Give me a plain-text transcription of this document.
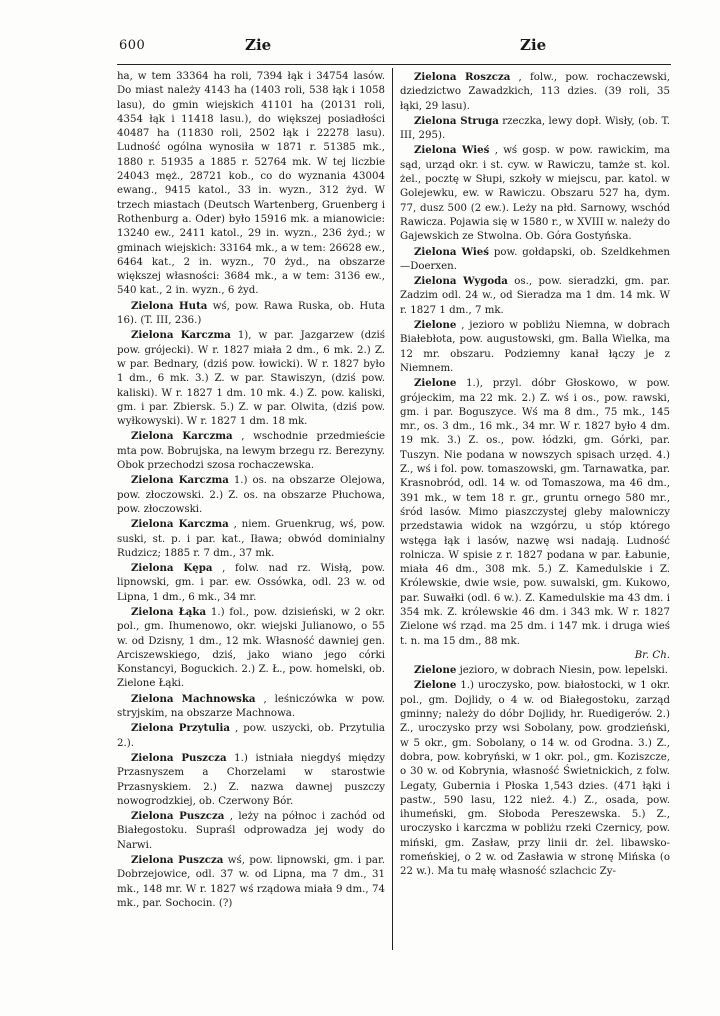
600	Zie	Zie

ha, w tem 33364 ha roli, 7394 łąk i 34754 lasów. Do miast należy 4143 ha (1403 roli, 538 łąk i 1058 lasu), do gmin wiejskich 41101 ha (20131 roli, 4354 łąk i 11418 lasu.), do większej posiadłości 40487 ha (11830 roli, 2502 łąk i 22278 lasu). Ludność ogólna wynosiła w 1871 r. 51385 mk., 1880 r. 51935 a 1885 r. 52764 mk. W tej liczbie 24043 męż., 28721 kob., co do wyznania 43004 ewang., 9415 katol., 33 in. wyzn., 312 żyd. W trzech miastach (Deutsch Wartenberg, Gruenberg i Rothenburg a. Oder) było 15916 mk. a mianowicie: 13240 ew., 2411 katol., 29 in. wyzn., 236 żyd.; w gminach wiejskich: 33164 mk., a w tem: 26628 ew., 6464 kat., 2 in. wyzn., 70 żyd., na obszarze większej własności: 3684 mk., a w tem: 3136 ew., 540 kat., 2 in. wyzn., 6 żyd.

Zielona Huta wś, pow. Rawa Ruska, ob. Huta 16). (T. III, 236.)

Zielona Karczma 1), w par. Jazgarzew (dziś pow. grójecki). W r. 1827 miała 2 dm., 6 mk. 2.) Z. w par. Bednary, (dziś pow. łowicki). W r. 1827 było 1 dm., 6 mk. 3.) Z. w par. Stawiszyn, (dziś pow. kaliski). W r. 1827 1 dm. 10 mk. 4.) Z. pow. kaliski, gm. i par. Zbiersk. 5.) Z. w par. Olwita, (dziś pow. wyłkowyski). W r. 1827 1 dm. 18 mk.

Zielona Karczma , wschodnie przedmieście mta pow. Bobrujska, na lewym brzegu rz. Berezyny. Obok przechodzi szosa rochaczewska.

Zielona Karczma 1.) os. na obszarze Olejowa, pow. złoczowski. 2.) Z. os. na obszarze Płuchowa, pow. złoczowski.

Zielona Karczma , niem. Gruenkrug, wś, pow. suski, st. p. i par. kat., Iława; obwód dominialny Rudzicz; 1885 r. 7 dm., 37 mk.

Zielona Kępa , folw. nad rz. Wisłą, pow. lipnowski, gm. i par. ew. Ossówka, odl. 23 w. od Lipna, 1 dm., 6 mk., 34 mr.

Zielona Łąka 1.) fol., pow. dzisieński, w 2 okr. pol., gm. Ihumenowo, okr. wiejski Julianowo, o 55 w. od Dzisny, 1 dm., 12 mk. Własność dawniej gen. Arciszewskiego, dziś, jako wiano jego córki Konstancyi, Boguckich. 2.) Z. Ł., pow. homelski, ob. Zielone Łąki.

Zielona Machnowska , leśniczówka w pow. stryjskim, na obszarze Machnowa.

Zielona Przytulia , pow. uszycki, ob. Przytulia 2.).

Zielona Puszcza 1.) istniała niegdyś między Przasnyszem a Chorzelami w starostwie Przasnyskiem. 2.) Z. nazwa dawnej puszczy nowogrodzkiej, ob. Czerwony Bór.

Zielona Puszcza , leży na północ i zachód od Białegostoku. Supraśl odprowadza jej wody do Narwi.

Zielona Puszcza wś, pow. lipnowski, gm. i par. Dobrzejowice, odl. 37 w. od Lipna, ma 7 dm., 31 mk., 148 mr. W r. 1827 wś rządowa miała 9 dm., 74 mk., par. Sochocin. (?)

Zielona Roszcza , folw., pow. rochaczewski, dziedzictwo Zawadzkich, 113 dzies. (39 roli, 35 łąki, 29 lasu).

Zielona Struga rzeczka, lewy dopł. Wisły, (ob. T. III, 295).

Zielona Wieś , wś gosp. w pow. rawickim, ma sąd, urząd okr. i st. cyw. w Rawiczu, tamże st. kol. żel., pocztę w Słupi, szkoły w miejscu, par. katol. w Golejewku, ew. w Rawiczu. Obszaru 527 ha, dym. 77, dusz 500 (2 ew.). Leży na płd. Sarnowy, wschód Rawicza. Pojawia się w 1580 r., w XVIII w. należy do Gajewskich ze Stwolna. Ob. Góra Gostyńska.

Zielona Wieś pow. gołdapski, ob. Szeldkehmen—Doerxen.

Zielona Wygoda os., pow. sieradzki, gm. par. Zadzim odl. 24 w., od Sieradza ma 1 dm. 14 mk. W r. 1827 1 dm., 7 mk.

Zielone , jezioro w pobliżu Niemna, w dobrach Białebłota, pow. augustowski, gm. Balla Wielka, ma 12 mr. obszaru. Podziemny kanał łączy je z Niemnem.

Zielone 1.), przyl. dóbr Głoskowo, w pow. grójeckim, ma 22 mk. 2.) Z. wś i os., pow. rawski, gm. i par. Boguszyce. Wś ma 8 dm., 75 mk., 145 mr., os. 3 dm., 16 mk., 34 mr. W r. 1827 było 4 dm. 19 mk. 3.) Z. os., pow. łódzki, gm. Górki, par. Tuszyn. Nie podana w nowszych spisach urzęd. 4.) Z., wś i fol. pow. tomaszowski, gm. Tarnawatka, par. Krasnobród, odl. 14 w. od Tomaszowa, ma 46 dm., 391 mk., w tem 18 r. gr., gruntu ornego 580 mr., śród lasów. Mimo piaszczystej gleby malowniczy przedstawia widok na wzgórzu, u stóp którego wstęga łąk i lasów, nazwę wsi nadają. Ludność rolnicza. W spisie z r. 1827 podana w par. Łabunie, miała 46 dm., 308 mk. 5.) Z. Kamedulskie i Z. Królewskie, dwie wsie, pow. suwalski, gm. Kukowo, par. Suwałki (odl. 6 w.). Z. Kamedulskie ma 43 dm. i 354 mk. Z. królewskie 46 dm. i 343 mk. W r. 1827 Zielone wś rząd. ma 25 dm. i 147 mk. i druga wieś t. n. ma 15 dm., 88 mk.

Br. Ch.

Zielone jezioro, w dobrach Niesin, pow. lepelski.

Zielone 1.) uroczysko, pow. białostocki, w 1 okr. pol., gm. Dojlidy, o 4 w. od Białegostoku, zarząd gminny; należy do dóbr Dojlidy, hr. Ruedigerów. 2.) Z., uroczysko przy wsi Sobolany, pow. grodzieński, w 5 okr., gm. Sobolany, o 14 w. od Grodna. 3.) Z., dobra, pow. kobryński, w 1 okr. pol., gm. Koziszcze, o 30 w. od Kobrynia, własność Świetnickich, z folw. Legaty, Gubernia i Płoska 1,543 dzies. (471 łąki i pastw., 590 lasu, 122 nież. 4.) Z., osada, pow. ihumeński, gm. Słoboda Pereszewska. 5.) Z., uroczysko i karczma w pobliżu rzeki Czernicy, pow. miński, gm. Zasław, przy linii dr. żel. libawsko-romeńskiej, o 2 w. od Zasławia w stronę Mińska (o 22 w.). Ma tu małę własność szlachcic Zy-
